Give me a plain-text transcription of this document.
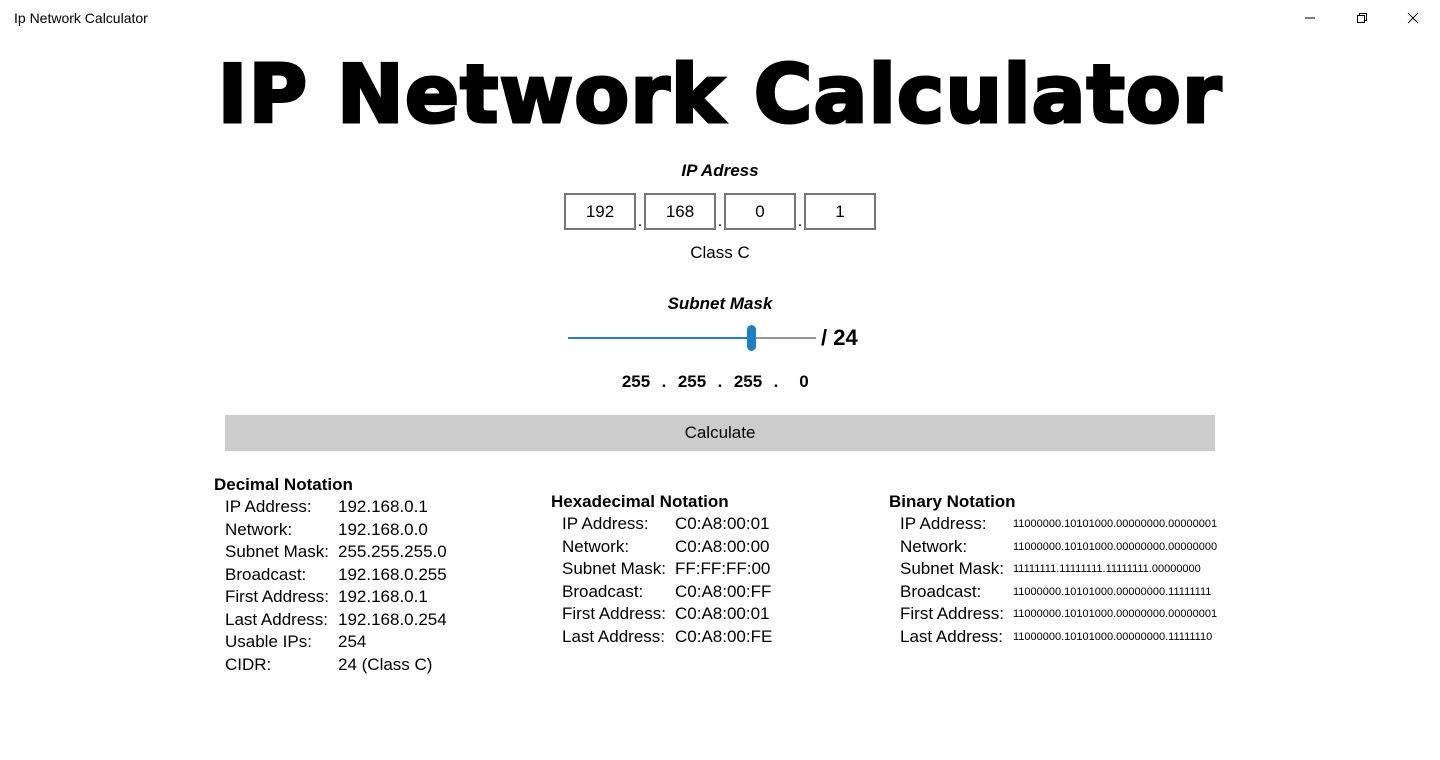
Ip Network Calculator
IP Network Calculator
IP Adress
192
.
168	.
0	.
1
Class C
Subnet Mask
/ 24
255 . 255 . 255 . 0
Calculate
Decimal Notation
IP Address:	192.168.0.1
Network:	192.168.0.0
Subnet Mask: 255.255.255.0
Broadcast:	192.168.0.255
First Address: 192.168.0.1
Last Address: 192.168.0.254
Usable IPs:	254
CIDR:	24 (Class C)
Hexadecimal Notation
IP Address:	C0:A8:00:01
Network:	C0:A8:00:00
Subnet Mask: FF:FF:FF:00
Broadcast:	C0:A8:00:FF
First Address: C0:A8:00:01
Last Address: C0:A8:00:FE
Binary Notation
IP Address:	11000000.10101000.00000000.00000001
Network:	11000000.10101000.00000000.00000000
Subnet Mask: 11111111.11111111.11111111.00000000
Broadcast:	11000000.10101000.00000000.11111111
First Address: 11000000.10101000.00000000.00000001
Last Address: 11000000.10101000.00000000.11111110
